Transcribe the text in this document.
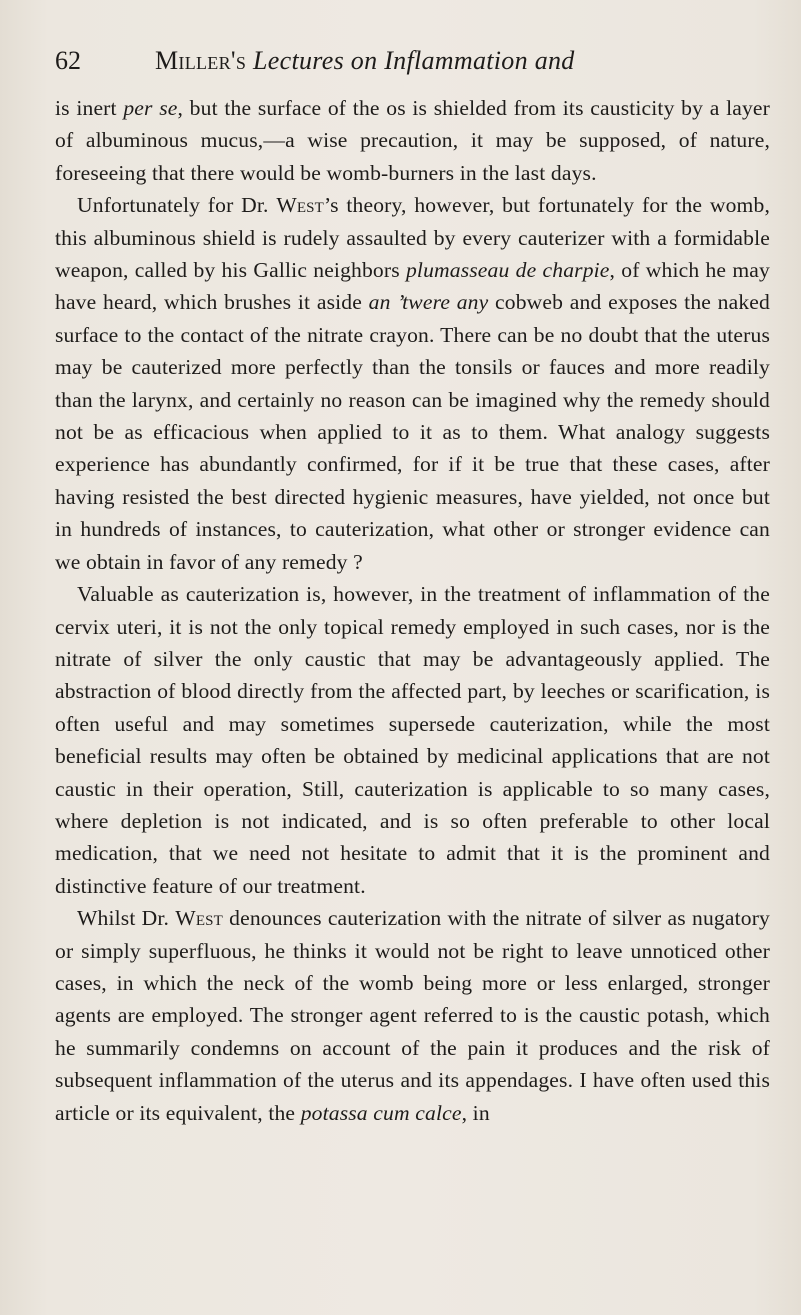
62	Miller's Lectures on Inflammation and

is inert per se, but the surface of the os is shielded from its causticity by a layer of albuminous mucus,—a wise precaution, it may be supposed, of nature, foreseeing that there would be womb-burners in the last days.

Unfortunately for Dr. West’s theory, however, but fortunately for the womb, this albuminous shield is rudely assaulted by every cauterizer with a formidable weapon, called by his Gallic neighbors plumasseau de charpie, of which he may have heard, which brushes it aside an ’twere any cobweb and exposes the naked surface to the contact of the nitrate crayon. There can be no doubt that the uterus may be cauterized more perfectly than the tonsils or fauces and more readily than the larynx, and certainly no reason can be imagined why the remedy should not be as efficacious when applied to it as to them. What analogy suggests experience has abundantly confirmed, for if it be true that these cases, after having resisted the best directed hygienic measures, have yielded, not once but in hundreds of instances, to cauterization, what other or stronger evidence can we obtain in favor of any remedy ?

Valuable as cauterization is, however, in the treatment of inflammation of the cervix uteri, it is not the only topical remedy employed in such cases, nor is the nitrate of silver the only caustic that may be advantageously applied. The abstraction of blood directly from the affected part, by leeches or scarification, is often useful and may sometimes supersede cauterization, while the most beneficial results may often be obtained by medicinal applications that are not caustic in their operation, Still, cauterization is applicable to so many cases, where depletion is not indicated, and is so often preferable to other local medication, that we need not hesitate to admit that it is the prominent and distinctive feature of our treatment.

Whilst Dr. West denounces cauterization with the nitrate of silver as nugatory or simply superfluous, he thinks it would not be right to leave unnoticed other cases, in which the neck of the womb being more or less enlarged, stronger agents are employed. The stronger agent referred to is the caustic potash, which he summarily condemns on account of the pain it produces and the risk of subsequent inflammation of the uterus and its appendages. I have often used this article or its equivalent, the potassa cum calce, in
